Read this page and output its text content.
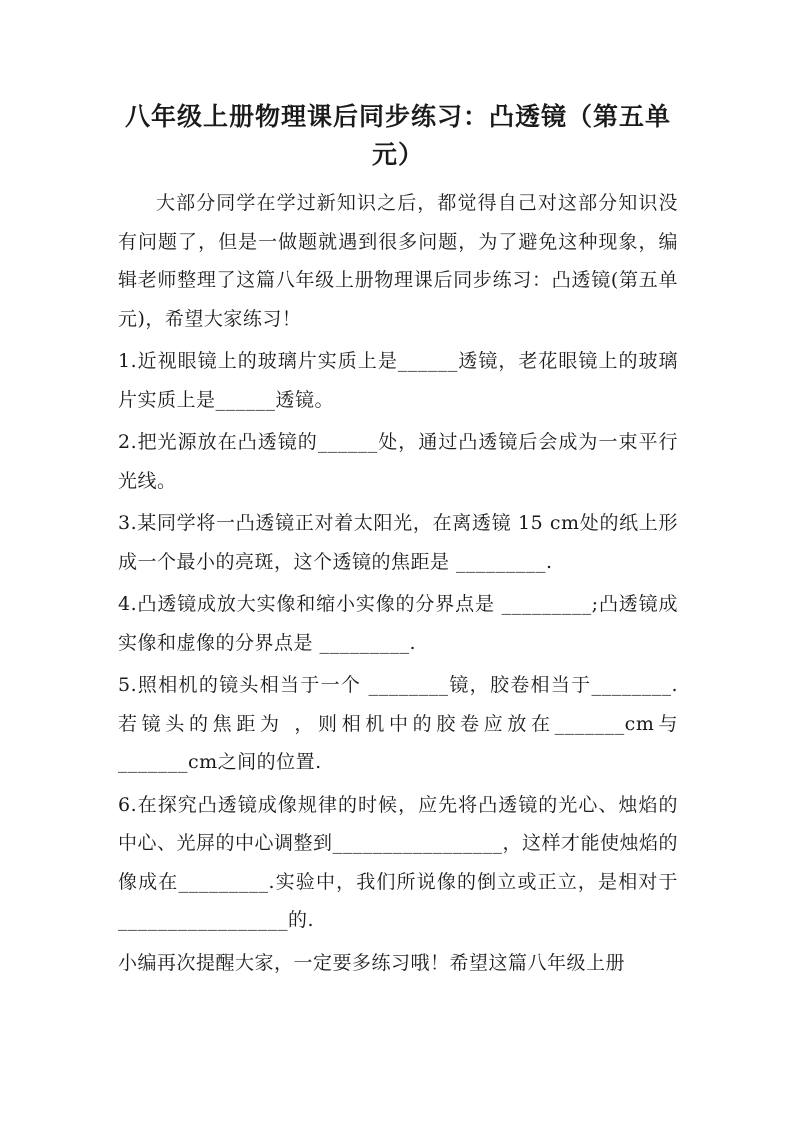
八年级上册物理课后同步练习：凸透镜（第五单
元）

大部分同学在学过新知识之后，都觉得自己对这部分知识没有问题了，但是一做题就遇到很多问题，为了避免这种现象，编辑老师整理了这篇八年级上册物理课后同步练习：凸透镜(第五单元)，希望大家练习！

1.近视眼镜上的玻璃片实质上是______透镜，老花眼镜上的玻璃片实质上是______透镜。

2.把光源放在凸透镜的______处，通过凸透镜后会成为一束平行光线。

3.某同学将一凸透镜正对着太阳光，在离透镜 15 cm处的纸上形成一个最小的亮斑，这个透镜的焦距是 _________.

4.凸透镜成放大实像和缩小实像的分界点是 _________;凸透镜成实像和虚像的分界点是 _________.

5.照相机的镜头相当于一个 ________镜，胶卷相当于________.若镜头的焦距为 ，则相机中的胶卷应放在_______cm与_______cm之间的位置.

6.在探究凸透镜成像规律的时候，应先将凸透镜的光心、烛焰的中心、光屏的中心调整到_________________，这样才能使烛焰的像成在_________.实验中，我们所说像的倒立或正立，是相对于_________________的.

小编再次提醒大家，一定要多练习哦！希望这篇八年级上册
